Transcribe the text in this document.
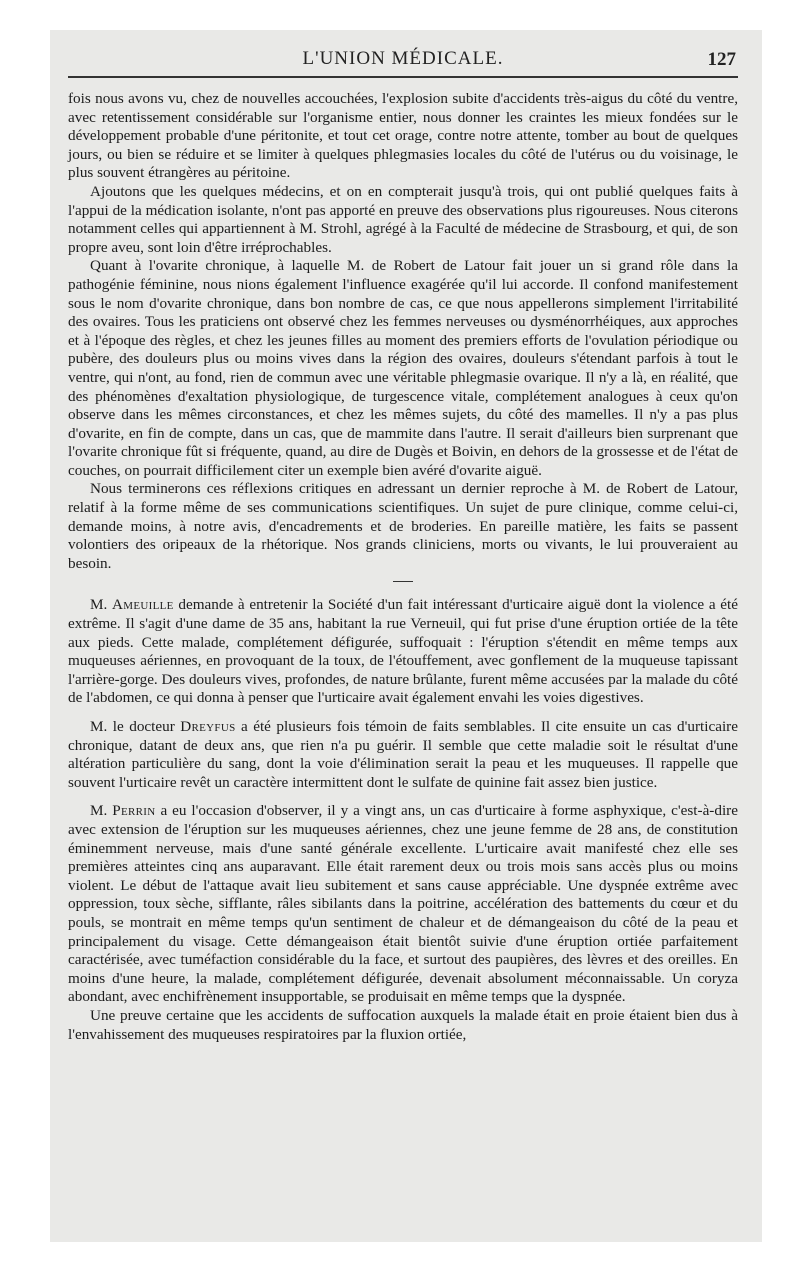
L'UNION MÉDICALE.	127

fois nous avons vu, chez de nouvelles accouchées, l'explosion subite d'accidents très-aigus du côté du ventre, avec retentissement considérable sur l'organisme entier, nous donner les craintes les mieux fondées sur le développement probable d'une péritonite, et tout cet orage, contre notre attente, tomber au bout de quelques jours, ou bien se réduire et se limiter à quelques phlegmasies locales du côté de l'utérus ou du voisinage, le plus souvent étrangères au péritoine.

Ajoutons que les quelques médecins, et on en compterait jusqu'à trois, qui ont publié quelques faits à l'appui de la médication isolante, n'ont pas apporté en preuve des observations plus rigoureuses. Nous citerons notamment celles qui appartiennent à M. Strohl, agrégé à la Faculté de médecine de Strasbourg, et qui, de son propre aveu, sont loin d'être irréprochables.

Quant à l'ovarite chronique, à laquelle M. de Robert de Latour fait jouer un si grand rôle dans la pathogénie féminine, nous nions également l'influence exagérée qu'il lui accorde. Il confond manifestement sous le nom d'ovarite chronique, dans bon nombre de cas, ce que nous appellerons simplement l'irritabilité des ovaires. Tous les praticiens ont observé chez les femmes nerveuses ou dysménorrhéiques, aux approches et à l'époque des règles, et chez les jeunes filles au moment des premiers efforts de l'ovulation périodique ou pubère, des douleurs plus ou moins vives dans la région des ovaires, douleurs s'étendant parfois à tout le ventre, qui n'ont, au fond, rien de commun avec une véritable phlegmasie ovarique. Il n'y a là, en réalité, que des phénomènes d'exaltation physiologique, de turgescence vitale, complétement analogues à ceux qu'on observe dans les mêmes circonstances, et chez les mêmes sujets, du côté des mamelles. Il n'y a pas plus d'ovarite, en fin de compte, dans un cas, que de mammite dans l'autre. Il serait d'ailleurs bien surprenant que l'ovarite chronique fût si fréquente, quand, au dire de Dugès et Boivin, en dehors de la grossesse et de l'état de couches, on pourrait difficilement citer un exemple bien avéré d'ovarite aiguë.

Nous terminerons ces réflexions critiques en adressant un dernier reproche à M. de Robert de Latour, relatif à la forme même de ses communications scientifiques. Un sujet de pure clinique, comme celui-ci, demande moins, à notre avis, d'encadrements et de broderies. En pareille matière, les faits se passent volontiers des oripeaux de la rhétorique. Nos grands cliniciens, morts ou vivants, le lui prouveraient au besoin.

M. Ameuille demande à entretenir la Société d'un fait intéressant d'urticaire aiguë dont la violence a été extrême. Il s'agit d'une dame de 35 ans, habitant la rue Verneuil, qui fut prise d'une éruption ortiée de la tête aux pieds. Cette malade, complétement défigurée, suffoquait : l'éruption s'étendit en même temps aux muqueuses aériennes, en provoquant de la toux, de l'étouffement, avec gonflement de la muqueuse tapissant l'arrière-gorge. Des douleurs vives, profondes, de nature brûlante, furent même accusées par la malade du côté de l'abdomen, ce qui donna à penser que l'urticaire avait également envahi les voies digestives.

M. le docteur Dreyfus a été plusieurs fois témoin de faits semblables. Il cite ensuite un cas d'urticaire chronique, datant de deux ans, que rien n'a pu guérir. Il semble que cette maladie soit le résultat d'une altération particulière du sang, dont la voie d'élimination serait la peau et les muqueuses. Il rappelle que souvent l'urticaire revêt un caractère intermittent dont le sulfate de quinine fait assez bien justice.

M. Perrin a eu l'occasion d'observer, il y a vingt ans, un cas d'urticaire à forme asphyxique, c'est-à-dire avec extension de l'éruption sur les muqueuses aériennes, chez une jeune femme de 28 ans, de constitution éminemment nerveuse, mais d'une santé générale excellente. L'urticaire avait manifesté chez elle ses premières atteintes cinq ans auparavant. Elle était rarement deux ou trois mois sans accès plus ou moins violent. Le début de l'attaque avait lieu subitement et sans cause appréciable. Une dyspnée extrême avec oppression, toux sèche, sifflante, râles sibilants dans la poitrine, accélération des battements du cœur et du pouls, se montrait en même temps qu'un sentiment de chaleur et de démangeaison du côté de la peau et principalement du visage. Cette démangeaison était bientôt suivie d'une éruption ortiée parfaitement caractérisée, avec tuméfaction considérable du la face, et surtout des paupières, des lèvres et des oreilles. En moins d'une heure, la malade, complétement défigurée, devenait absolument méconnaissable. Un coryza abondant, avec enchifrènement insupportable, se produisait en même temps que la dyspnée.

Une preuve certaine que les accidents de suffocation auxquels la malade était en proie étaient bien dus à l'envahissement des muqueuses respiratoires par la fluxion ortiée,
